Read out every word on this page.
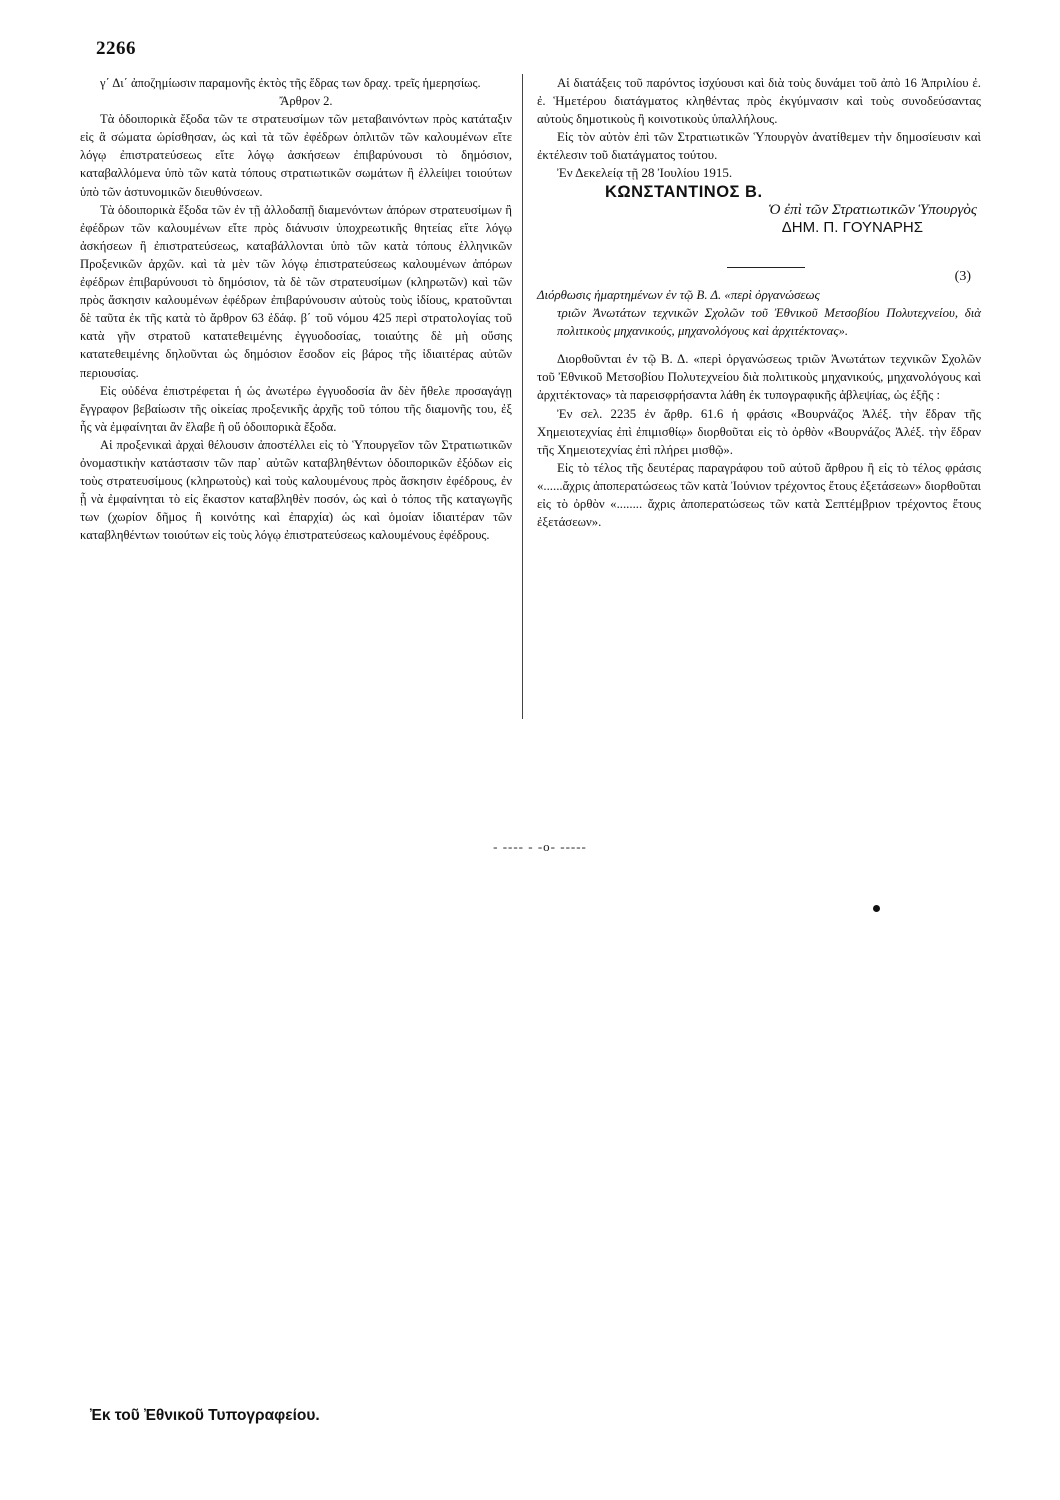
2266

γ΄ Δι΄ ἀποζημίωσιν παραμονῆς ἐκτὸς τῆς ἕδρας των δραχ. τρεῖς ἡμερησίως.

Ἄρθρον 2.

Τὰ ὁδοιπορικὰ ἔξοδα τῶν τε στρατευσίμων τῶν μεταβαινόντων πρὸς κατάταξιν εἰς ἃ σώματα ὡρίσθησαν, ὡς καὶ τὰ τῶν ἐφέδρων ὁπλιτῶν τῶν καλουμένων εἴτε λόγῳ ἐπιστρατεύσεως εἴτε λόγῳ ἀσκήσεων ἐπιβαρύνουσι τὸ δημόσιον, καταβαλλόμενα ὑπὸ τῶν κατὰ τόπους στρατιωτικῶν σωμάτων ἢ ἐλλείψει τοιούτων ὑπὸ τῶν ἀστυνομικῶν διευθύνσεων.

Τὰ ὁδοιπορικὰ ἔξοδα τῶν ἐν τῇ ἀλλοδαπῇ διαμενόντων ἀπόρων στρατευσίμων ἢ ἐφέδρων τῶν καλουμένων εἴτε πρὸς διάνυσιν ὑποχρεωτικῆς θητείας εἴτε λόγῳ ἀσκήσεων ἢ ἐπιστρατεύσεως, καταβάλλονται ὑπὸ τῶν κατὰ τόπους ἑλληνικῶν Προξενικῶν ἀρχῶν. καὶ τὰ μὲν τῶν λόγῳ ἐπιστρατεύσεως καλουμένων ἀπόρων ἐφέδρων ἐπιβαρύνουσι τὸ δημόσιον, τὰ δὲ τῶν στρατευσίμων (κληρωτῶν) καὶ τῶν πρὸς ἄσκησιν καλουμένων ἐφέδρων ἐπιβαρύνουσιν αὐτοὺς τοὺς ἰδίους, κρατοῦνται δὲ ταῦτα ἐκ τῆς κατὰ τὸ ἄρθρον 63 ἐδάφ. β΄ τοῦ νόμου 425 περὶ στρατολογίας τοῦ κατὰ γῆν στρατοῦ κατατεθειμένης ἐγγυοδοσίας, τοιαύτης δὲ μὴ οὔσης κατατεθειμένης δηλοῦνται ὡς δημόσιον ἔσοδον εἰς βάρος τῆς ἰδιαιτέρας αὐτῶν περιουσίας.

Εἰς οὐδένα ἐπιστρέφεται ἡ ὡς ἀνωτέρω ἐγγυοδοσία ἂν δὲν ἤθελε προσαγάγῃ ἔγγραφον βεβαίωσιν τῆς οἰκείας προξενικῆς ἀρχῆς τοῦ τόπου τῆς διαμονῆς του, ἐξ ἧς νὰ ἐμφαίνηται ἂν ἔλαβε ἢ οὔ ὁδοιπορικὰ ἔξοδα.

Αἱ προξενικαὶ ἀρχαὶ θέλουσιν ἀποστέλλει εἰς τὸ Ὑπουργεῖον τῶν Στρατιωτικῶν ὀνομαστικὴν κατάστασιν τῶν παρ᾽ αὐτῶν καταβληθέντων ὁδοιπορικῶν ἐξόδων εἰς τοὺς στρατευσίμους (κληρωτοὺς) καὶ τοὺς καλουμένους πρὸς ἄσκησιν ἐφέδρους, ἐν ᾗ νὰ ἐμφαίνηται τὸ εἰς ἕκαστον καταβληθὲν ποσόν, ὡς καὶ ὁ τόπος τῆς καταγωγῆς των (χωρίον δῆμος ἢ κοινότης καὶ ἐπαρχία) ὡς καὶ ὁμοίαν ἰδιαιτέραν τῶν καταβληθέντων τοιούτων εἰς τοὺς λόγῳ ἐπιστρατεύσεως καλουμένους ἐφέδρους.

Αἱ διατάξεις τοῦ παρόντος ἰσχύουσι καὶ διὰ τοὺς δυνάμει τοῦ ἀπὸ 16 Ἀπριλίου ἐ. ἐ. Ἡμετέρου διατάγματος κληθέντας πρὸς ἐκγύμνασιν καὶ τοὺς συνοδεύσαντας αὐτοὺς δημοτικοὺς ἢ κοινοτικοὺς ὑπαλλήλους.

Εἰς τὸν αὐτὸν ἐπὶ τῶν Στρατιωτικῶν Ὑπουργὸν ἀνατίθεμεν τὴν δημοσίευσιν καὶ ἐκτέλεσιν τοῦ διατάγματος τούτου.

Ἐν Δεκελείᾳ τῇ 28 Ἰουλίου 1915.

ΚΩΝΣΤΑΝΤΙΝΟΣ Β.

Ὁ ἐπὶ τῶν Στρατιωτικῶν Ὑπουργὸς

ΔΗΜ. Π. ΓΟΥΝΑΡΗΣ

(3)

Διόρθωσις ἡμαρτημένων ἐν τῷ Β. Δ. «περὶ ὀργανώσεως
τριῶν Ἀνωτάτων τεχνικῶν Σχολῶν τοῦ Ἐθνικοῦ Μετσοβίου Πολυτεχνείου, διὰ πολιτικοὺς μηχανικούς, μηχανολόγους καὶ ἀρχιτέκτονας».

Διορθοῦνται ἐν τῷ Β. Δ. «περὶ ὀργανώσεως τριῶν Ἀνωτάτων τεχνικῶν Σχολῶν τοῦ Ἐθνικοῦ Μετσοβίου Πολυτεχνείου διὰ πολιτικοὺς μηχανικούς, μηχανολόγους καὶ ἀρχιτέκτονας» τὰ παρεισφρήσαντα λάθη ἐκ τυπογραφικῆς ἀβλεψίας, ὡς ἑξῆς :

Ἐν σελ. 2235 ἐν ἄρθρ. 61.6 ἡ φράσις «Βουρνάζος Ἀλέξ. τὴν ἕδραν τῆς Χημειοτεχνίας ἐπὶ ἐπιμισθίῳ» διορθοῦται εἰς τὸ ὀρθὸν «Βουρνάζος Ἀλέξ. τὴν ἕδραν τῆς Χημειοτεχνίας ἐπὶ πλήρει μισθῷ».

Εἰς τὸ τέλος τῆς δευτέρας παραγράφου τοῦ αὐτοῦ ἄρθρου ἢ εἰς τὸ τέλος φράσις «......ἄχρις ἀποπερατώσεως τῶν κατὰ Ἰούνιον τρέχοντος ἔτους ἐξετάσεων» διορθοῦται εἰς τὸ ὀρθὸν «........ ἄχρις ἀποπερατώσεως τῶν κατὰ Σεπτέμβριον τρέχοντος ἔτους ἐξετάσεων».

- ---- - -o- -----
Ἐκ τοῦ Ἐθνικοῦ Τυπογραφείου.
